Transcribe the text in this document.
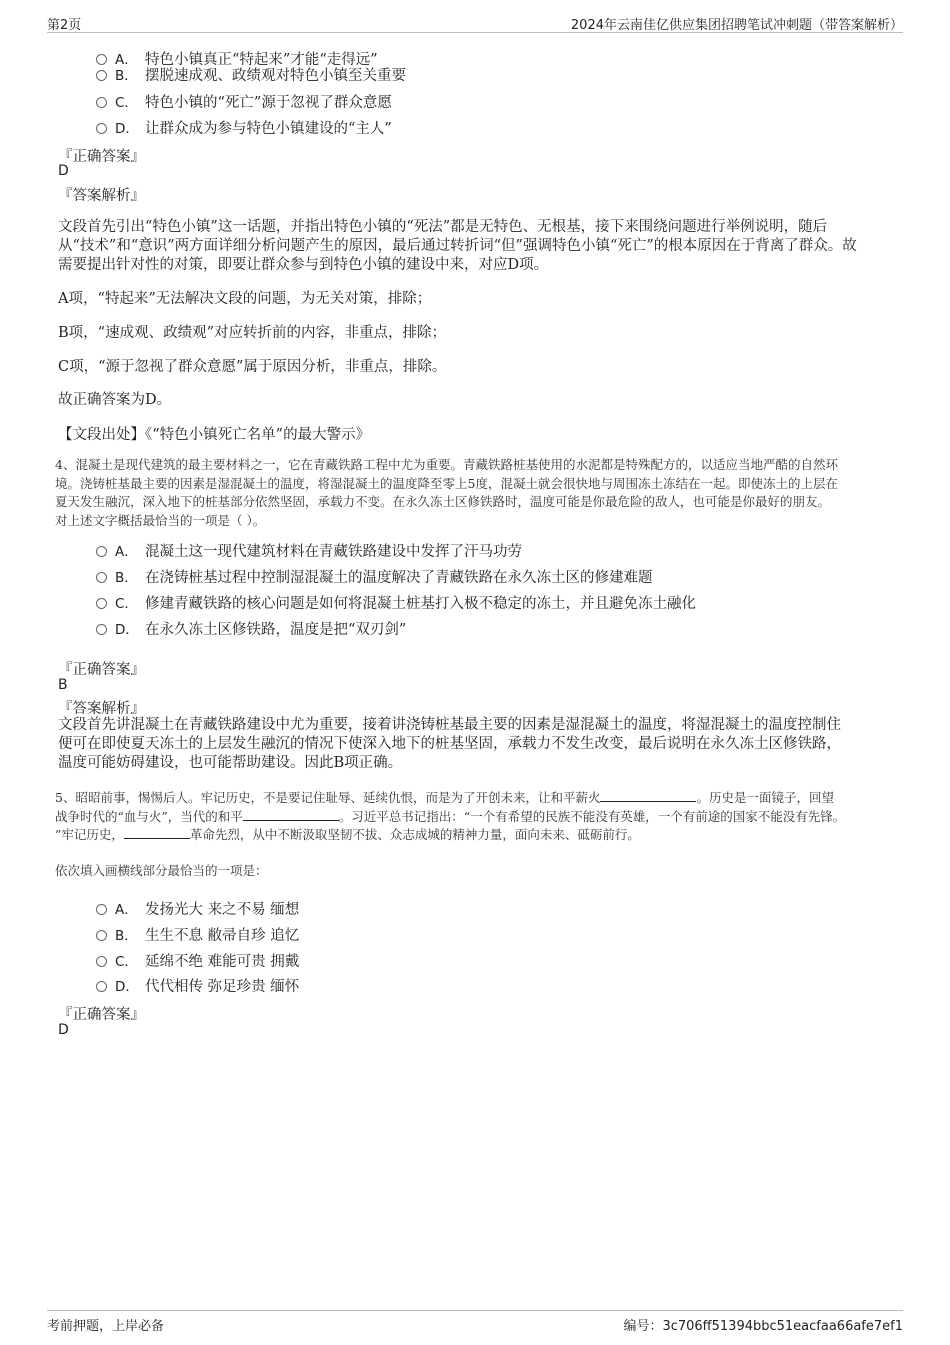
第2页	2024年云南佳亿供应集团招聘笔试冲刺题（带答案解析）
A． 特色小镇真正“特起来”才能“走得远”
B． 摆脱速成观、政绩观对特色小镇至关重要
C． 特色小镇的“死亡”源于忽视了群众意愿
D． 让群众成为参与特色小镇建设的“主人”
『正确答案』
D
『答案解析』
文段首先引出“特色小镇”这一话题，并指出特色小镇的“死法”都是无特色、无根基，接下来围绕问题进行举例说明，随后
从“技术”和“意识”两方面详细分析问题产生的原因，最后通过转折词“但”强调特色小镇“死亡”的根本原因在于背离了群众。故
需要提出针对性的对策，即要让群众参与到特色小镇的建设中来，对应D项。
A项，“特起来”无法解决文段的问题，为无关对策，排除；
B项，“速成观、政绩观”对应转折前的内容，非重点，排除；
C项，“源于忽视了群众意愿”属于原因分析，非重点，排除。
故正确答案为D。
【文段出处】《“特色小镇死亡名单”的最大警示》
4、混凝土是现代建筑的最主要材料之一，它在青藏铁路工程中尤为重要。青藏铁路桩基使用的水泥都是特殊配方的，以适应当地严酷的自然环
境。浇铸桩基最主要的因素是湿混凝土的温度，将湿混凝土的温度降至零上5度，混凝土就会很快地与周围冻土冻结在一起。即使冻土的上层在
夏天发生融沉，深入地下的桩基部分依然坚固，承载力不变。在永久冻土区修铁路时，温度可能是你最危险的敌人，也可能是你最好的朋友。
对上述文字概括最恰当的一项是（ ）。
A． 混凝土这一现代建筑材料在青藏铁路建设中发挥了汗马功劳
B． 在浇铸桩基过程中控制湿混凝土的温度解决了青藏铁路在永久冻土区的修建难题
C． 修建青藏铁路的核心问题是如何将混凝土桩基打入极不稳定的冻土，并且避免冻土融化
D． 在永久冻土区修铁路，温度是把“双刃剑”
『正确答案』
B
『答案解析』
文段首先讲混凝土在青藏铁路建设中尤为重要，接着讲浇铸桩基最主要的因素是湿混凝土的温度，将湿混凝土的温度控制住
便可在即使夏天冻土的上层发生融沉的情况下使深入地下的桩基坚固，承载力不发生改变，最后说明在永久冻土区修铁路，
温度可能妨碍建设，也可能帮助建设。因此B项正确。
5、昭昭前事，惕惕后人。牢记历史，不是要记住耻辱、延续仇恨，而是为了开创未来，让和平薪火	。历史是一面镜子，回望
战争时代的“血与火”，当代的和平	。习近平总书记指出：“一个有希望的民族不能没有英雄，一个有前途的国家不能没有先锋。
”牢记历史，	革命先烈，从中不断汲取坚韧不拔、众志成城的精神力量，面向未来、砥砺前行。
依次填入画横线部分最恰当的一项是：
A． 发扬光大 来之不易 缅想
B． 生生不息 敝帚自珍 追忆
C． 延绵不绝 难能可贵 拥戴
D． 代代相传 弥足珍贵 缅怀
『正确答案』
D
考前押题，上岸必备	编号：3c706ff51394bbc51eacfaa66afe7ef1
